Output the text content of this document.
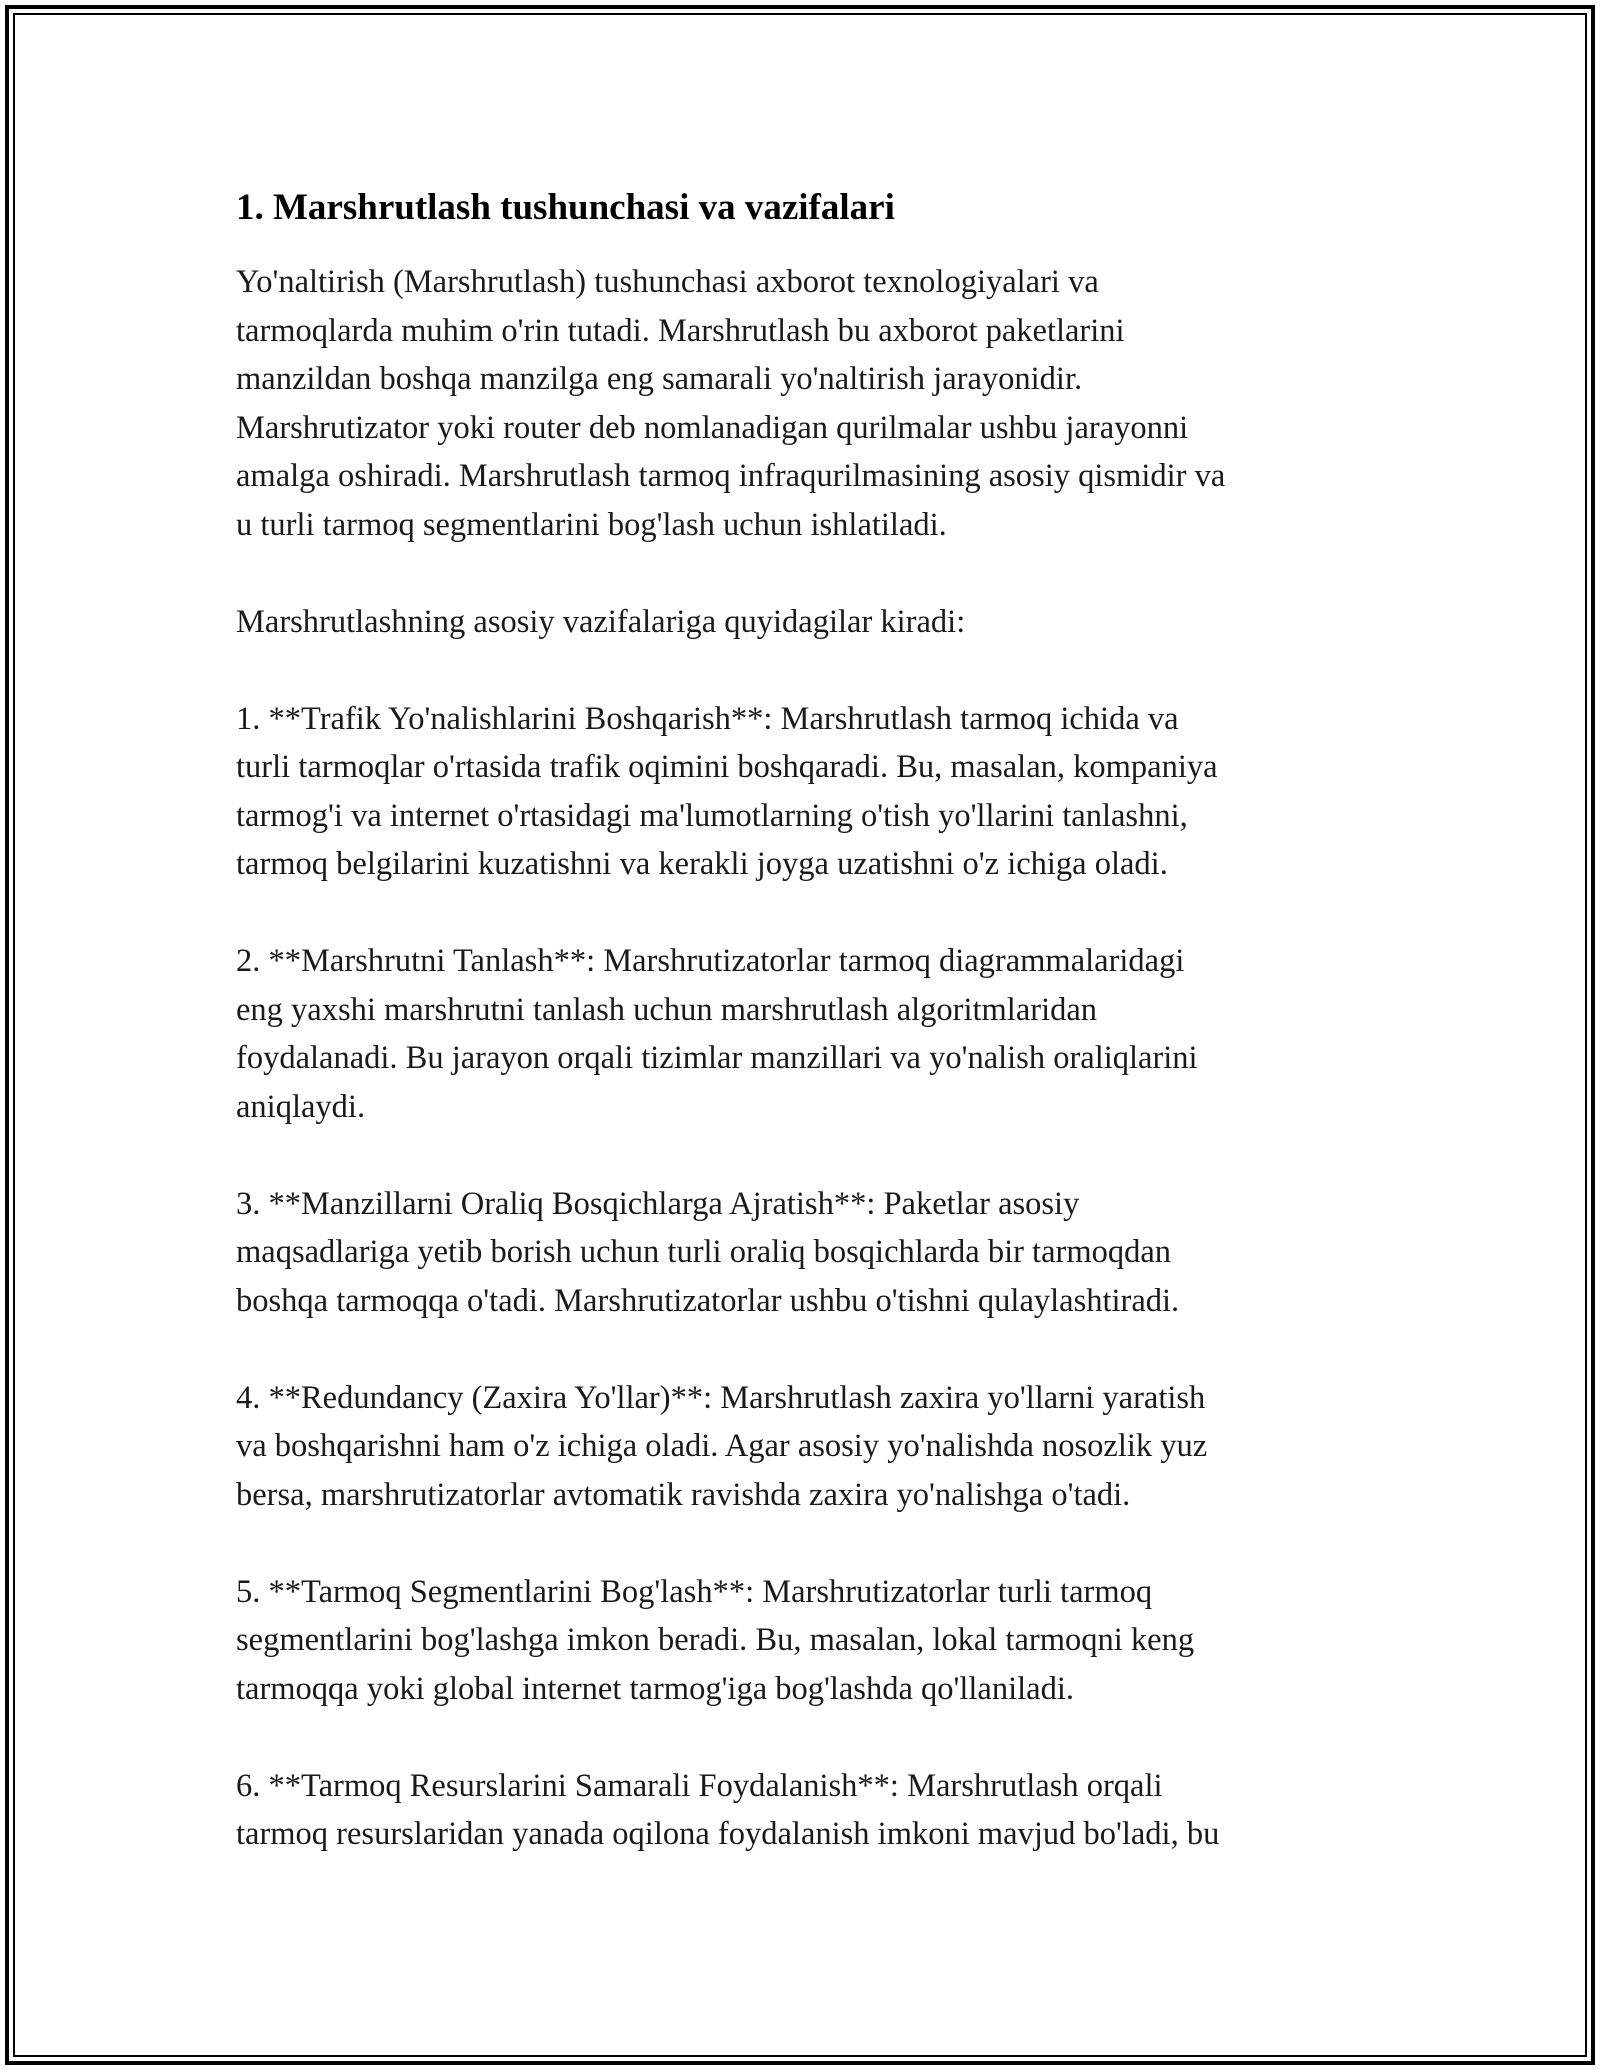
1. Marshrutlash tushunchasi va vazifalari
Yo'naltirish (Marshrutlash) tushunchasi axborot texnologiyalari va
tarmoqlarda muhim o'rin tutadi. Marshrutlash bu axborot paketlarini
manzildan boshqa manzilga eng samarali yo'naltirish jarayonidir.
Marshrutizator yoki router deb nomlanadigan qurilmalar ushbu jarayonni
amalga oshiradi. Marshrutlash tarmoq infraqurilmasining asosiy qismidir va
u turli tarmoq segmentlarini bog'lash uchun ishlatiladi.
Marshrutlashning asosiy vazifalariga quyidagilar kiradi:
1. **Trafik Yo'nalishlarini Boshqarish**: Marshrutlash tarmoq ichida va
turli tarmoqlar o'rtasida trafik oqimini boshqaradi. Bu, masalan, kompaniya
tarmog'i va internet o'rtasidagi ma'lumotlarning o'tish yo'llarini tanlashni,
tarmoq belgilarini kuzatishni va kerakli joyga uzatishni o'z ichiga oladi.
2. **Marshrutni Tanlash**: Marshrutizatorlar tarmoq diagrammalaridagi
eng yaxshi marshrutni tanlash uchun marshrutlash algoritmlaridan
foydalanadi. Bu jarayon orqali tizimlar manzillari va yo'nalish oraliqlarini
aniqlaydi.
3. **Manzillarni Oraliq Bosqichlarga Ajratish**: Paketlar asosiy
maqsadlariga yetib borish uchun turli oraliq bosqichlarda bir tarmoqdan
boshqa tarmoqqa o'tadi. Marshrutizatorlar ushbu o'tishni qulaylashtiradi.
4. **Redundancy (Zaxira Yo'llar)**: Marshrutlash zaxira yo'llarni yaratish
va boshqarishni ham o'z ichiga oladi. Agar asosiy yo'nalishda nosozlik yuz
bersa, marshrutizatorlar avtomatik ravishda zaxira yo'nalishga o'tadi.
5. **Tarmoq Segmentlarini Bog'lash**: Marshrutizatorlar turli tarmoq
segmentlarini bog'lashga imkon beradi. Bu, masalan, lokal tarmoqni keng
tarmoqqa yoki global internet tarmog'iga bog'lashda qo'llaniladi.
6. **Tarmoq Resurslarini Samarali Foydalanish**: Marshrutlash orqali
tarmoq resurslaridan yanada oqilona foydalanish imkoni mavjud bo'ladi, bu
